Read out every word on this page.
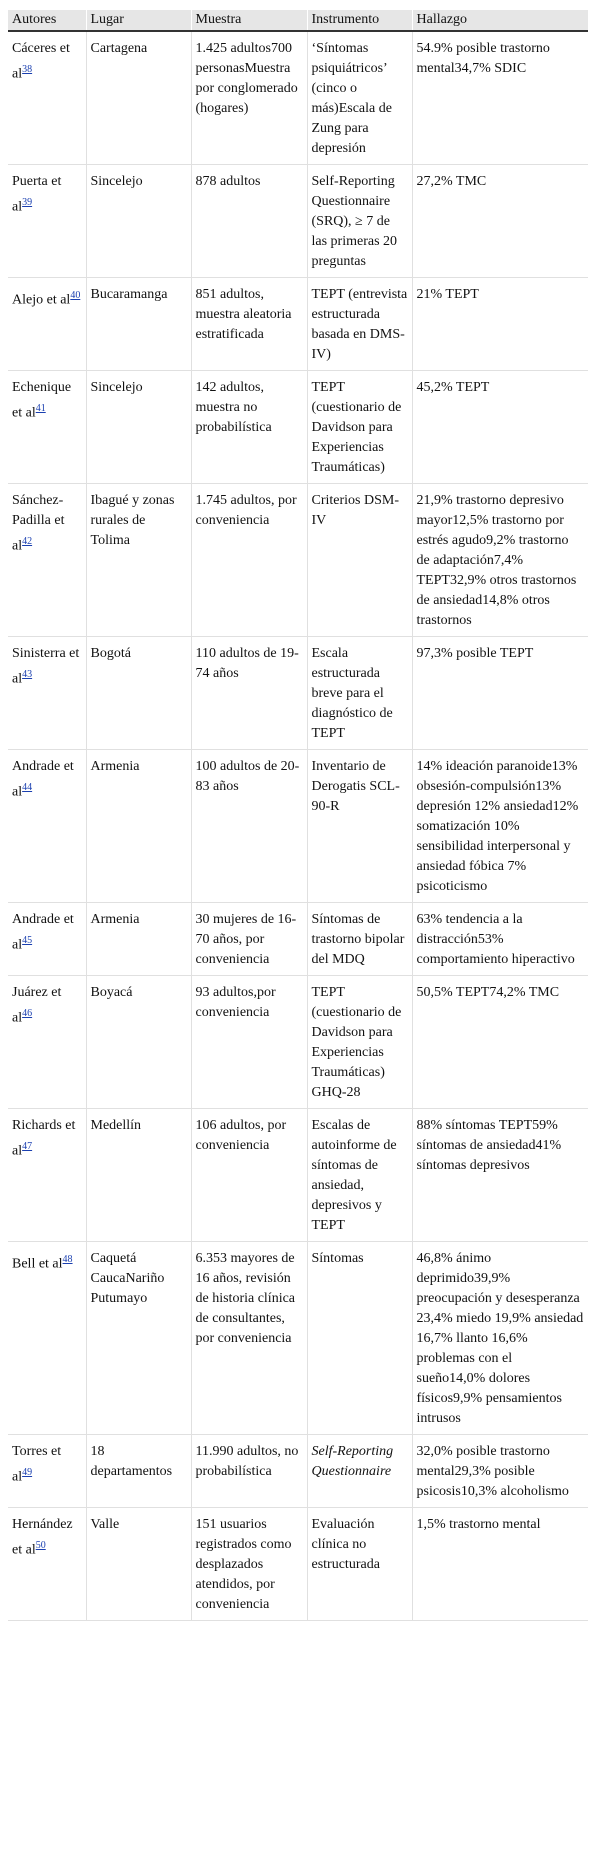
Autores	Lugar	Muestra	Instrumento	Hallazgo
Cáceres et al$^{38}$	Cartagena	1.425 adultos700 personasMuestra por conglomerado (hogares)	‘Síntomas psiquiátricos’ (cinco o más)Escala de Zung para depresión	54.9% posible trastorno mental34,7% SDIC
Puerta et al$^{39}$	Sincelejo	878 adultos	Self-Reporting Questionnaire (SRQ), ≥ 7 de las primeras 20 preguntas	27,2% TMC
Alejo et al$^{40}$	Bucaramanga	851 adultos, muestra aleatoria estratificada	TEPT (entrevista estructurada basada en DMS-IV)	21% TEPT
Echenique et al$^{41}$	Sincelejo	142 adultos, muestra no probabilística	TEPT (cuestionario de Davidson para Experiencias Traumáticas)	45,2% TEPT
Sánchez-Padilla et al$^{42}$	Ibagué y zonas rurales de Tolima	1.745 adultos, por conveniencia	Criterios DSM-IV	21,9% trastorno depresivo mayor12,5% trastorno por estrés agudo9,2% trastorno de adaptación7,4% TEPT32,9% otros trastornos de ansiedad14,8% otros trastornos
Sinisterra et al$^{43}$	Bogotá	110 adultos de 19-74 años	Escala estructurada breve para el diagnóstico de TEPT	97,3% posible TEPT
Andrade et al$^{44}$	Armenia	100 adultos de 20-83 años	Inventario de Derogatis SCL-90-R	14% ideación paranoide13% obsesión-compulsión13% depresión 12% ansiedad12% somatización 10% sensibilidad interpersonal y ansiedad fóbica 7% psicoticismo
Andrade et al$^{45}$	Armenia	30 mujeres de 16-70 años, por conveniencia	Síntomas de trastorno bipolar del MDQ	63% tendencia a la distracción53% comportamiento hiperactivo
Juárez et al$^{46}$	Boyacá	93 adultos,por conveniencia	TEPT (cuestionario de Davidson para Experiencias Traumáticas) GHQ-28	50,5% TEPT74,2% TMC
Richards et al$^{47}$	Medellín	106 adultos, por conveniencia	Escalas de autoinforme de síntomas de ansiedad, depresivos y TEPT	88% síntomas TEPT59% síntomas de ansiedad41% síntomas depresivos
Bell et al$^{48}$	Caquetá CaucaNariño Putumayo	6.353 mayores de 16 años, revisión de historia clínica de consultantes, por conveniencia	Síntomas	46,8% ánimo deprimido39,9% preocupación y desesperanza 23,4% miedo 19,9% ansiedad 16,7% llanto 16,6% problemas con el sueño14,0% dolores físicos9,9% pensamientos intrusos
Torres et al$^{49}$	18 departamentos	11.990 adultos, no probabilística	Self-Reporting Questionnaire	32,0% posible trastorno mental29,3% posible psicosis10,3% alcoholismo
Hernández et al$^{50}$	Valle	151 usuarios registrados como desplazados atendidos, por conveniencia	Evaluación clínica no estructurada	1,5% trastorno mental
